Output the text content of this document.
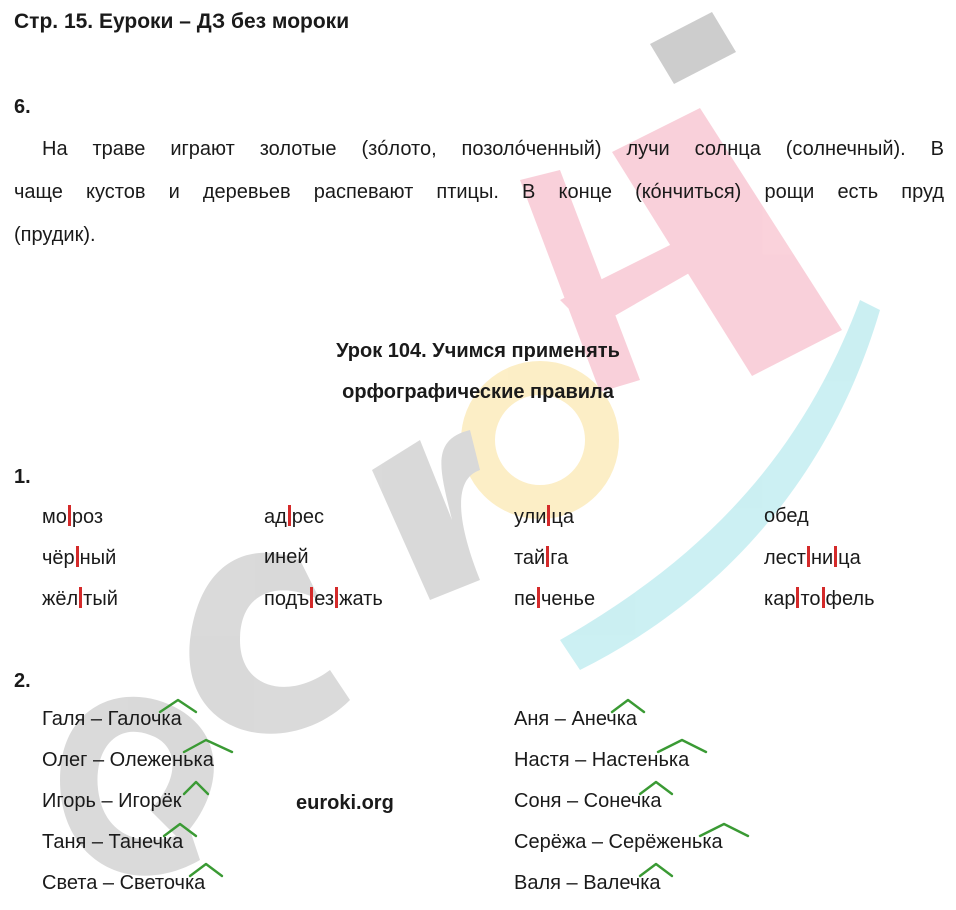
Стр. 15. Еуроки – ДЗ без мороки
6.
На траве играют золотые (зóлото, позолóченный) лучи солнца (солнечный). В
чаще кустов и деревьев распевают птицы. В конце (кóнчиться) рощи есть пруд
(прудик).
Урок 104. Учимся применять
орфографические правила
1.
мо роз
чёр ный
жёл тый
ад рес
иней
подъ ез жать
ули ца
тай га
пе ченье
обед
лест ни ца
кар то фель
2.
Галя – Галочка
Олег – Олеженька
Игорь – Игорёк
Таня – Танечка
Света – Светочка
Аня – Анечка
Настя – Настенька
Соня – Сонечка
Серёжа – Серёженька
Валя – Валечка
euroki.org
